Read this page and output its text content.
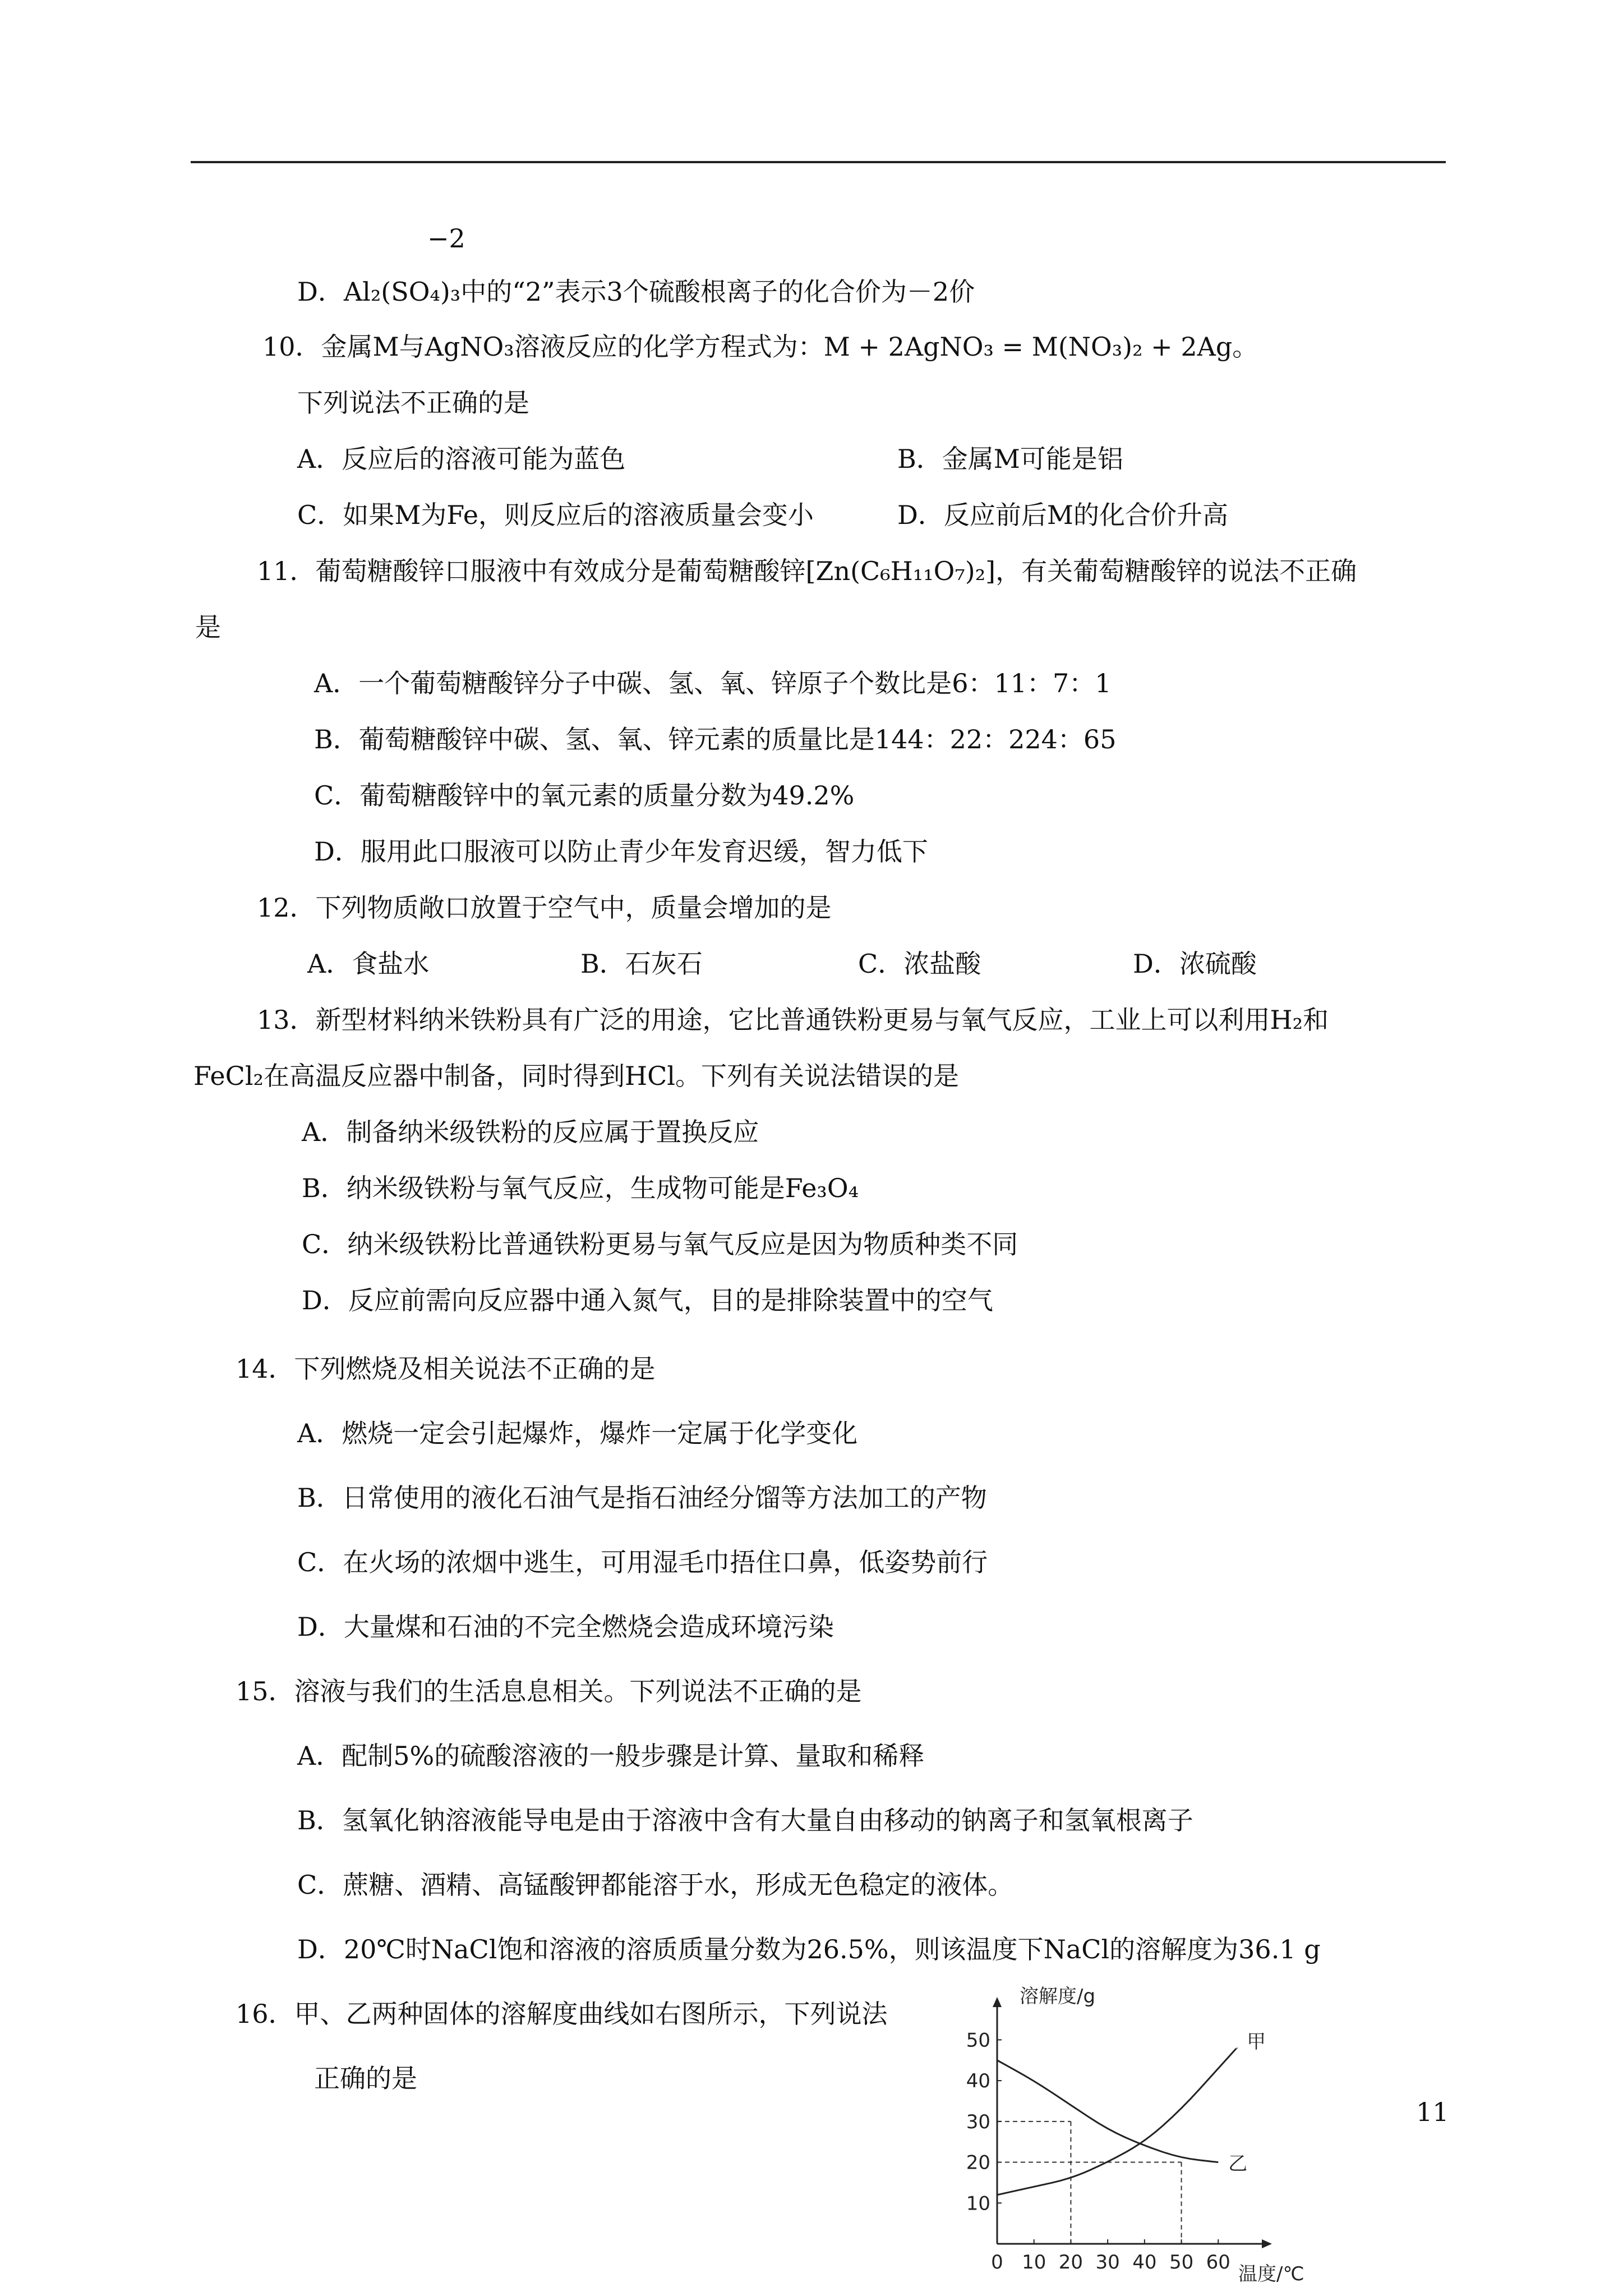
−2
D．Al₂(SO₄)₃中的“2”表示3个硫酸根离子的化合价为－2价
10．金属M与AgNO₃溶液反应的化学方程式为：M + 2AgNO₃ = M(NO₃)₂ + 2Ag。
下列说法不正确的是
A．反应后的溶液可能为蓝色	B．金属M可能是铝
C．如果M为Fe，则反应后的溶液质量会变小	D．反应前后M的化合价升高
11．葡萄糖酸锌口服液中有效成分是葡萄糖酸锌[Zn(C₆H₁₁O₇)₂]，有关葡萄糖酸锌的说法不正确
是
A．一个葡萄糖酸锌分子中碳、氢、氧、锌原子个数比是6：11：7：1
B．葡萄糖酸锌中碳、氢、氧、锌元素的质量比是144：22：224：65
C．葡萄糖酸锌中的氧元素的质量分数为49.2%
D．服用此口服液可以防止青少年发育迟缓，智力低下
12．下列物质敞口放置于空气中，质量会增加的是
A．食盐水	B．石灰石	C．浓盐酸	D．浓硫酸
13．新型材料纳米铁粉具有广泛的用途，它比普通铁粉更易与氧气反应，工业上可以利用H₂和
FeCl₂在高温反应器中制备，同时得到HCl。下列有关说法错误的是
A．制备纳米级铁粉的反应属于置换反应
B．纳米级铁粉与氧气反应，生成物可能是Fe₃O₄
C．纳米级铁粉比普通铁粉更易与氧气反应是因为物质种类不同
D．反应前需向反应器中通入氮气，目的是排除装置中的空气
14．下列燃烧及相关说法不正确的是
A．燃烧一定会引起爆炸，爆炸一定属于化学变化
B．日常使用的液化石油气是指石油经分馏等方法加工的产物
C．在火场的浓烟中逃生，可用湿毛巾捂住口鼻，低姿势前行
D．大量煤和石油的不完全燃烧会造成环境污染
15．溶液与我们的生活息息相关。下列说法不正确的是
A．配制5%的硫酸溶液的一般步骤是计算、量取和稀释
B．氢氧化钠溶液能导电是由于溶液中含有大量自由移动的钠离子和氢氧根离子
C．蔗糖、酒精、高锰酸钾都能溶于水，形成无色稳定的液体。
D．20℃时NaCl饱和溶液的溶质质量分数为26.5%，则该温度下NaCl的溶解度为36.1 g
16．甲、乙两种固体的溶解度曲线如右图所示，下列说法
正确的是
溶解度/g
温度/℃
甲
乙
0 10 20 30 40 50 60
10
20
30
40
50
11
